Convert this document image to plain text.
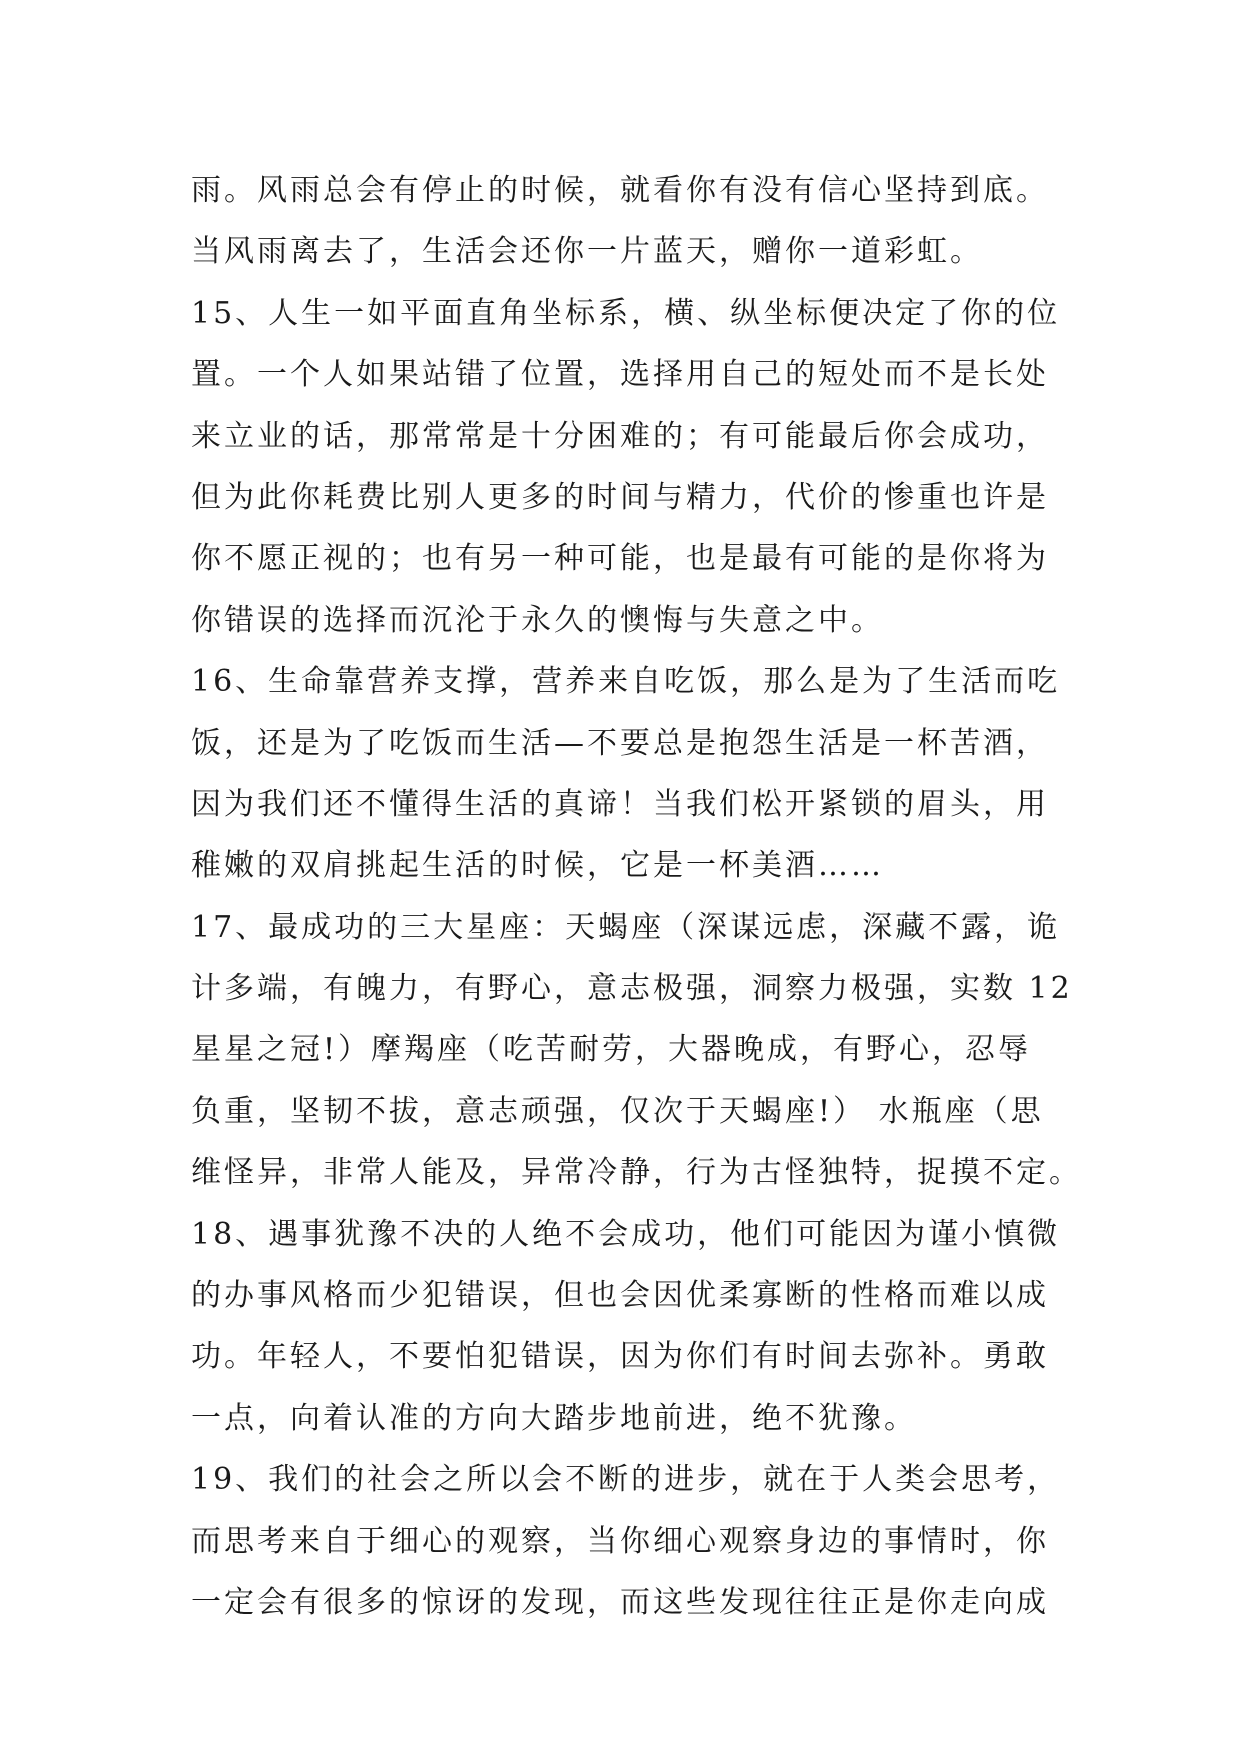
雨。风雨总会有停止的时候，就看你有没有信心坚持到底。
当风雨离去了，生活会还你一片蓝天，赠你一道彩虹。
15、人生一如平面直角坐标系，横、纵坐标便决定了你的位
置。一个人如果站错了位置，选择用自己的短处而不是长处
来立业的话，那常常是十分困难的；有可能最后你会成功，
但为此你耗费比别人更多的时间与精力，代价的惨重也许是
你不愿正视的；也有另一种可能，也是最有可能的是你将为
你错误的选择而沉沦于永久的懊悔与失意之中。
16、生命靠营养支撑，营养来自吃饭，那么是为了生活而吃
饭，还是为了吃饭而生活—不要总是抱怨生活是一杯苦酒，
因为我们还不懂得生活的真谛！当我们松开紧锁的眉头，用
稚嫩的双肩挑起生活的时候，它是一杯美酒……
17、最成功的三大星座：天蝎座（深谋远虑，深藏不露，诡
计多端，有魄力，有野心，意志极强，洞察力极强，实数 12
星星之冠!）摩羯座（吃苦耐劳，大器晚成，有野心，忍辱
负重，坚韧不拔，意志顽强，仅次于天蝎座!） 水瓶座（思
维怪异，非常人能及，异常冷静，行为古怪独特，捉摸不定。
18、遇事犹豫不决的人绝不会成功，他们可能因为谨小慎微
的办事风格而少犯错误，但也会因优柔寡断的性格而难以成
功。年轻人，不要怕犯错误，因为你们有时间去弥补。勇敢
一点，向着认准的方向大踏步地前进，绝不犹豫。
19、我们的社会之所以会不断的进步，就在于人类会思考，
而思考来自于细心的观察，当你细心观察身边的事情时，你
一定会有很多的惊讶的发现，而这些发现往往正是你走向成
